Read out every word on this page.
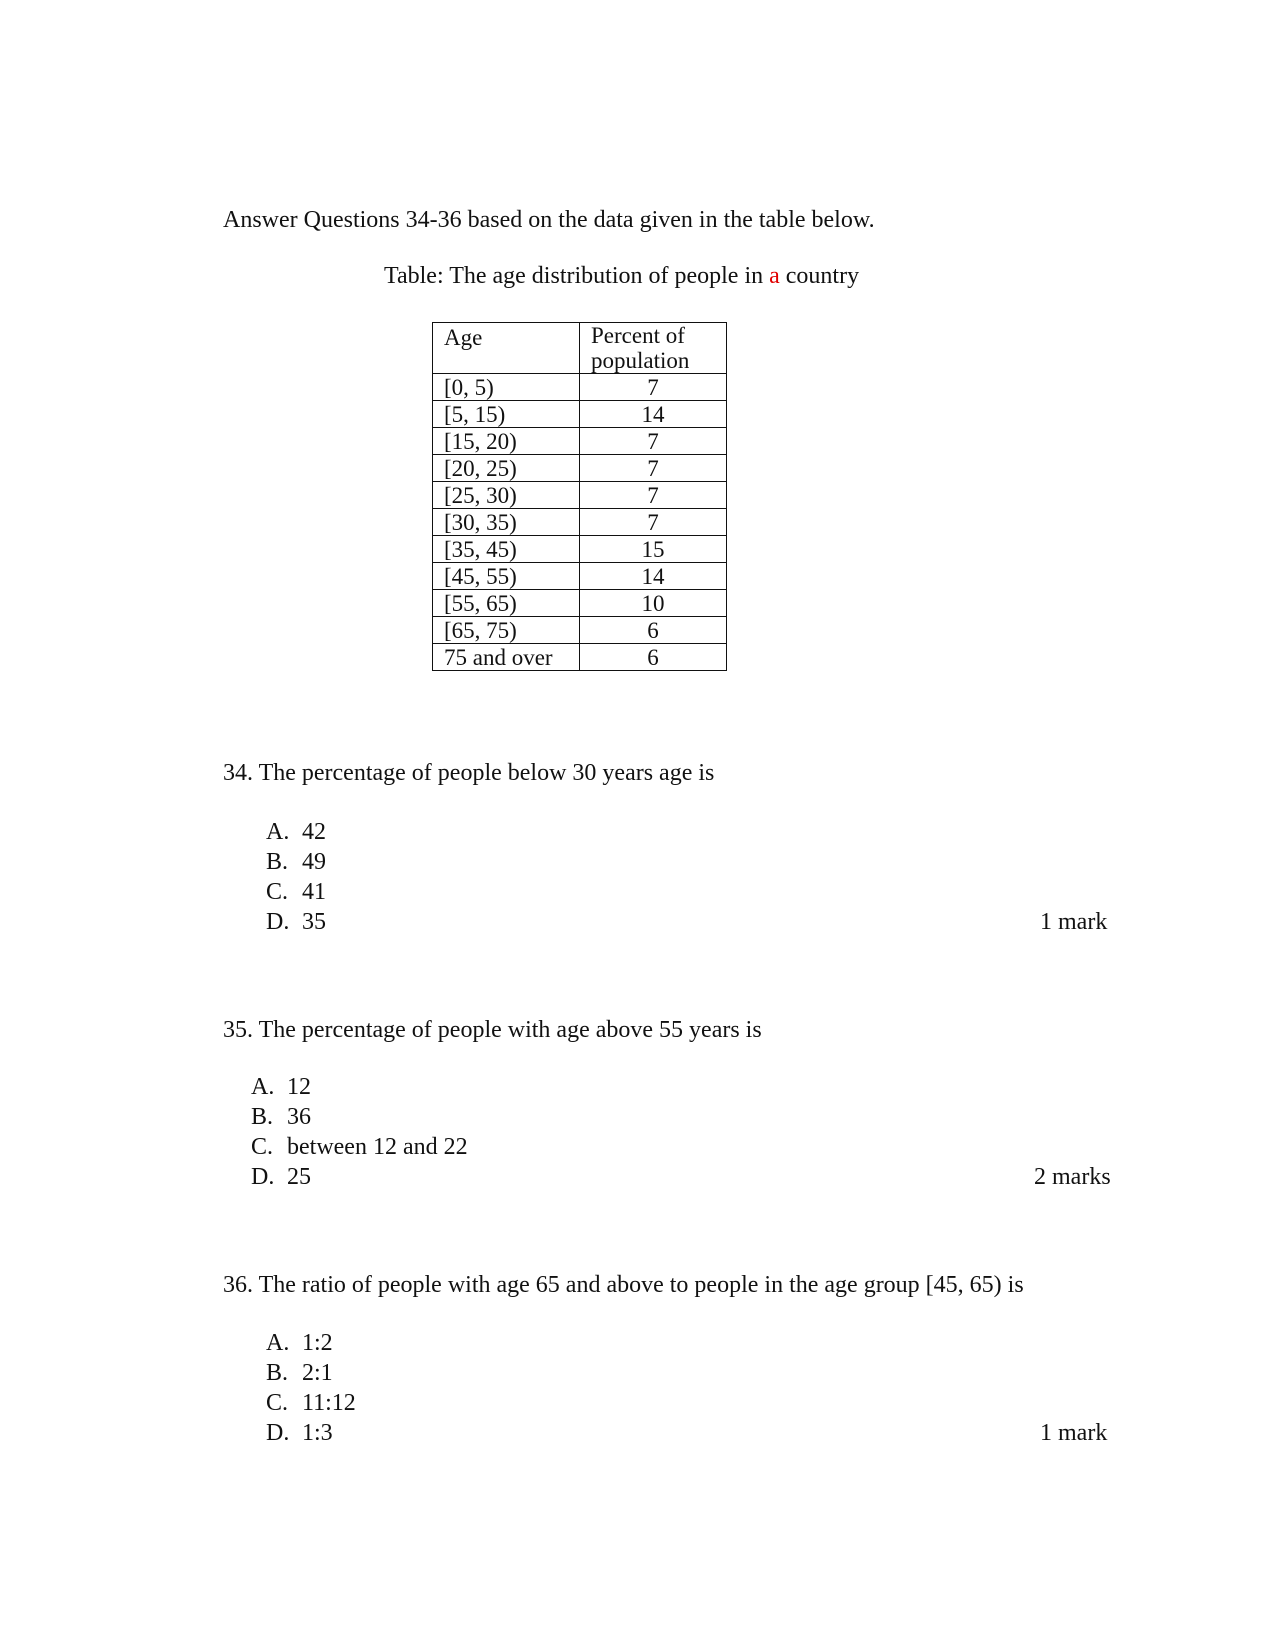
Answer Questions 34-36 based on the data given in the table below.
Table: The age distribution of people in a country
Age	Percent of population
[0, 5)	7
[5, 15)	14
[15, 20)	7
[20, 25)	7
[25, 30)	7
[30, 35)	7
[35, 45)	15
[45, 55)	14
[55, 65)	10
[65, 75)	6
75 and over	6
34. The percentage of people below 30 years age is
A. 42
B. 49
C. 41
D. 35	1 mark
35. The percentage of people with age above 55 years is
A. 12
B. 36
C. between 12 and 22
D. 25	2 marks
36. The ratio of people with age 65 and above to people in the age group [45, 65) is
A. 1:2
B. 2:1
C. 11:12
D. 1:3	1 mark
